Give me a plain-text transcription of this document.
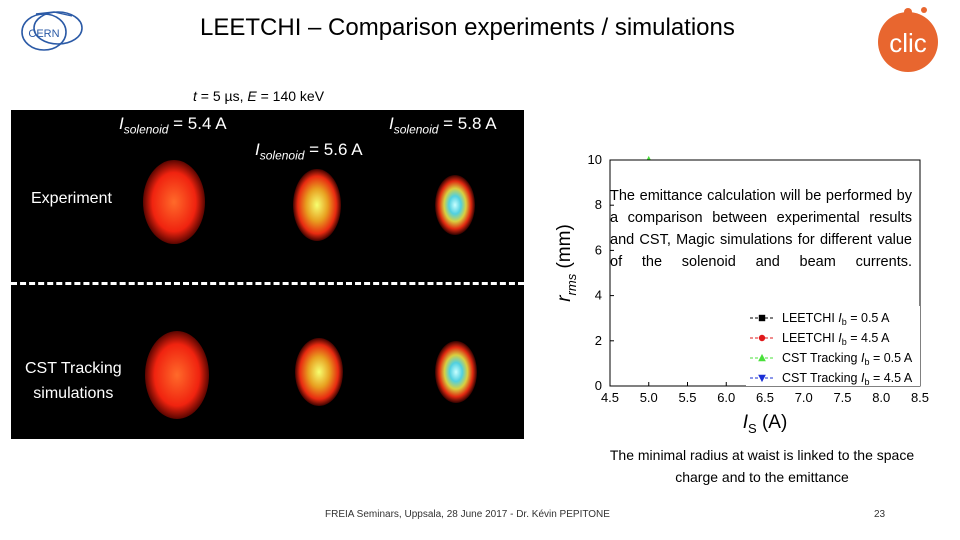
LEETCHI – Comparison experiments / simulations
CERN	clic
t = 5 µs, E = 140 keV
$I_{solenoid} = 5.4$ A
$I_{solenoid} = 5.6$ A
$I_{solenoid} = 5.8$ A
Experiment
CST Tracking
simulations	4.5 5.0 5.5 6.0 6.5 7.0 7.5 8.0 8.5
0
2
4
6
8
10
$I_S$ (A)
$r_{rms}$ (mm)
LEETCHI $I_b = 0.5$ A
LEETCHI $I_b = 4.5$ A
CST Tracking $I_b = 0.5$ A
CST Tracking $I_b = 4.5$ A
The emittance calculation will be performed by a comparison between experimental results and CST, Magic simulations for different value of the solenoid and beam currents.
The minimal radius at waist is linked to the space charge and to the emittance
FREIA Seminars, Uppsala, 28 June 2017 - Dr. Kévin PEPITONE	23
